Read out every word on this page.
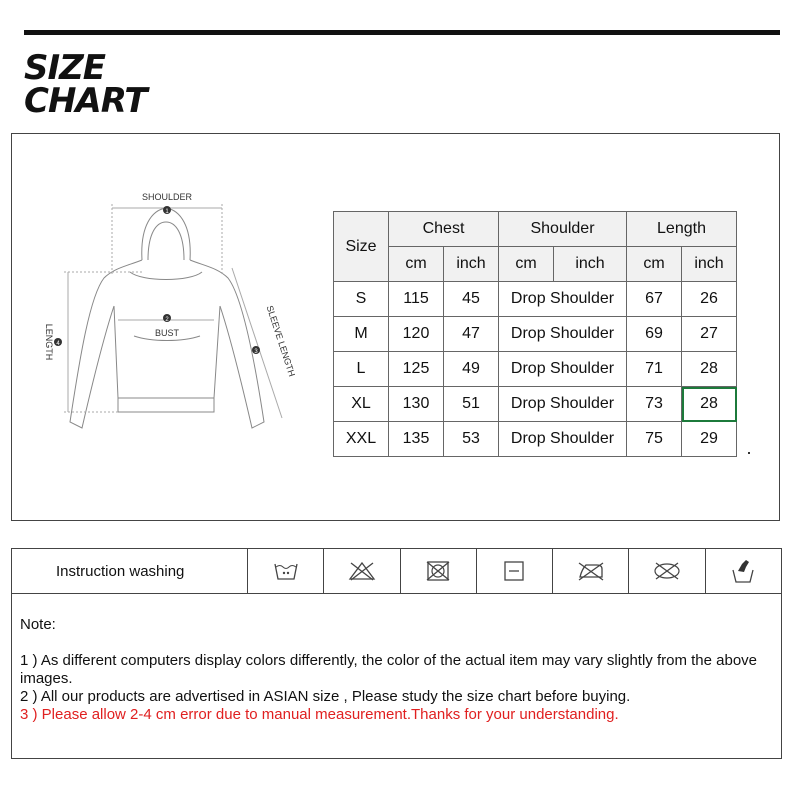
SIZE
CHART
SHOULDER
1
2
BUST
3 SLEEVE LENGTH
4
LENGTH
Size	Chest		Shoulder		Length	
	cm	inch	cm	inch	cm	inch
S	115	45	Drop Shoulder		67	26
M	120	47	Drop Shoulder		69	27
L	125	49	Drop Shoulder		71	28
XL	130	51	Drop Shoulder		73	28
XXL	135	53	Drop Shoulder		75	29
Instruction washing

Note:

1 ) As different computers display colors differently, the color of the actual item may vary slightly from the above images.

2 ) All our products are advertised in ASIAN size , Please study the size chart before buying.

3 ) Please allow 2-4 cm error due to manual measurement.Thanks for your understanding.
